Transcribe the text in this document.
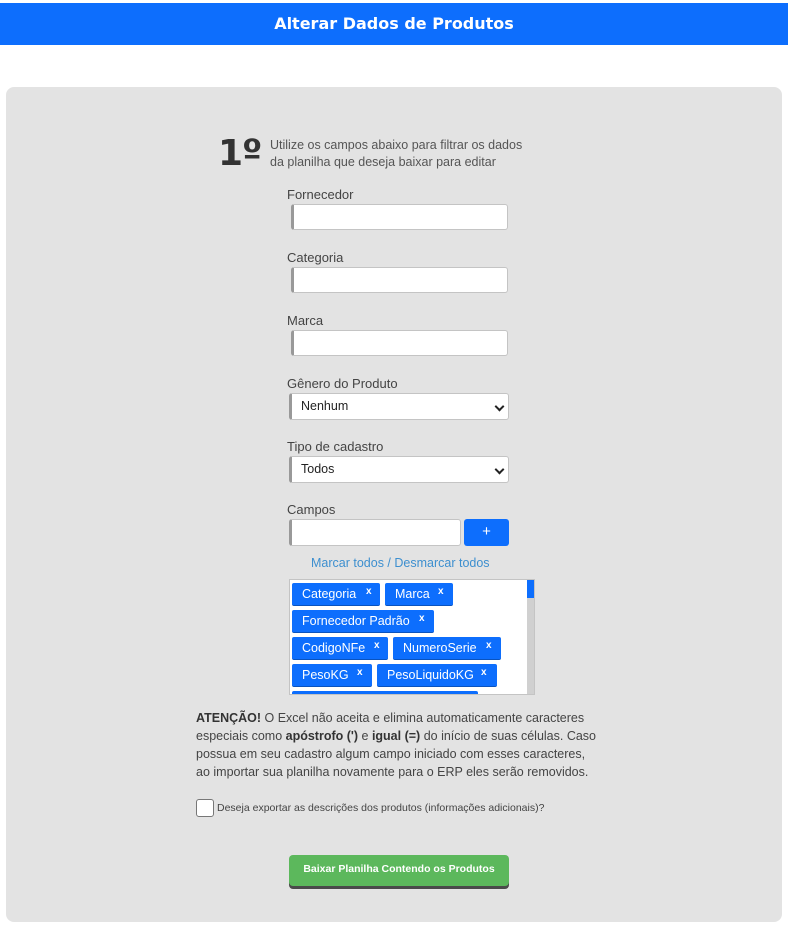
Alterar Dados de Produtos
1º Utilize os campos abaixo para filtrar os dados da planilha que deseja baixar para editar
Fornecedor
Categoria
Marca
Gênero do Produto
Nenhum
Tipo de cadastro
Todos
Campos
+
Marcar todos / Desmarcar todos
Categoria x	Marca x
Fornecedor Padrão x
CodigoNFe x	NumeroSerie x
PesoKG x	PesoLiquidoKG x
ATENÇÃO! O Excel não aceita e elimina automaticamente caracteres especiais como apóstrofo (') e igual (=) do início de suas células. Caso possua em seu cadastro algum campo iniciado com esses caracteres, ao importar sua planilha novamente para o ERP eles serão removidos.
Deseja exportar as descrições dos produtos (informações adicionais)?
Baixar Planilha Contendo os Produtos
